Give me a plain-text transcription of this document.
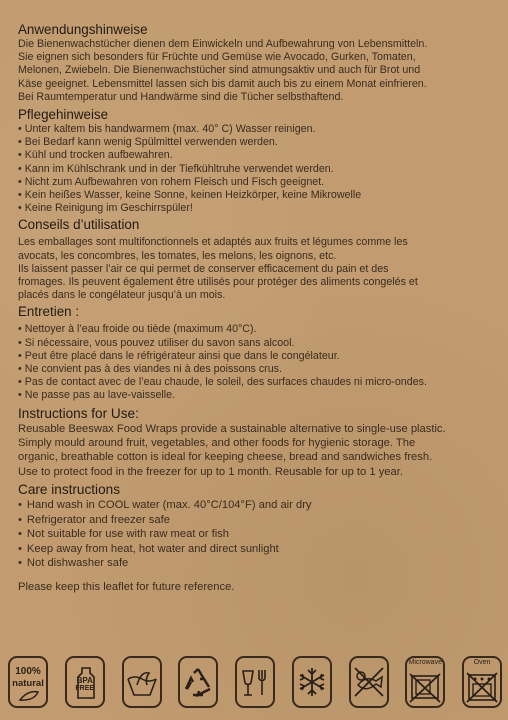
Anwendungshinweise

Die Bienenwachstücher dienen dem Einwickeln und Aufbewahrung von Lebensmitteln.

Sie eignen sich besonders für Früchte und Gemüse wie Avocado, Gurken, Tomaten,

Melonen, Zwiebeln. Die Bienenwachstücher sind atmungsaktiv und auch für Brot und

Käse geeignet. Lebensmittel lassen sich bis damit auch bis zu einem Monat einfrieren.

Bei Raumtemperatur und Handwärme sind die Tücher selbsthaftend.

Pflegehinweise
• Unter kaltem bis handwarmem (max. 40° C) Wasser reinigen.
• Bei Bedarf kann wenig Spülmittel verwenden werden.
• Kühl und trocken aufbewahren.
• Kann im Kühlschrank und in der Tiefkühltruhe verwendet werden.
• Nicht zum Aufbewahren von rohem Fleisch und Fisch geeignet.
• Kein heißes Wasser, keine Sonne, keinen Heizkörper, keine Mikrowelle
• Keine Reinigung im Geschirrspüler!
Conseils d’utilisation

Les emballages sont multifonctionnels et adaptés aux fruits et légumes comme les

avocats, les concombres, les tomates, les melons, les oignons, etc.

Ils laissent passer l’air ce qui permet de conserver efficacement du pain et des

fromages. Ils peuvent également être utilisés pour protéger des aliments congelés et

placés dans le congélateur jusqu’à un mois.

Entretien :
• Nettoyer à l’eau froide ou tiède (maximum 40°C).
• Si nécessaire, vous pouvez utiliser du savon sans alcool.
• Peut être placé dans le réfrigérateur ainsi que dans le congélateur.
• Ne convient pas à des viandes ni à des poissons crus.
• Pas de contact avec de l’eau chaude, le soleil, des surfaces chaudes ni micro-ondes.
• Ne passe pas au lave-vaisselle.
Instructions for Use:

Reusable Beeswax Food Wraps provide a sustainable alternative to single-use plastic.

Simply mould around fruit, vegetables, and other foods for hygienic storage. The

organic, breathable cotton is ideal for keeping cheese, bread and sandwiches fresh.

Use to protect food in the freezer for up to 1 month. Reusable for up to 1 year.

Care instructions
• Hand wash in COOL water (max. 40°C/104°F) and air dry
• Refrigerator and freezer safe
• Not suitable for use with raw meat or fish
• Keep away from heat, hot water and direct sunlight
• Not dishwasher safe

Please keep this leaflet for future reference.

100%
natural	BPA
FREE
Microwave	Oven
